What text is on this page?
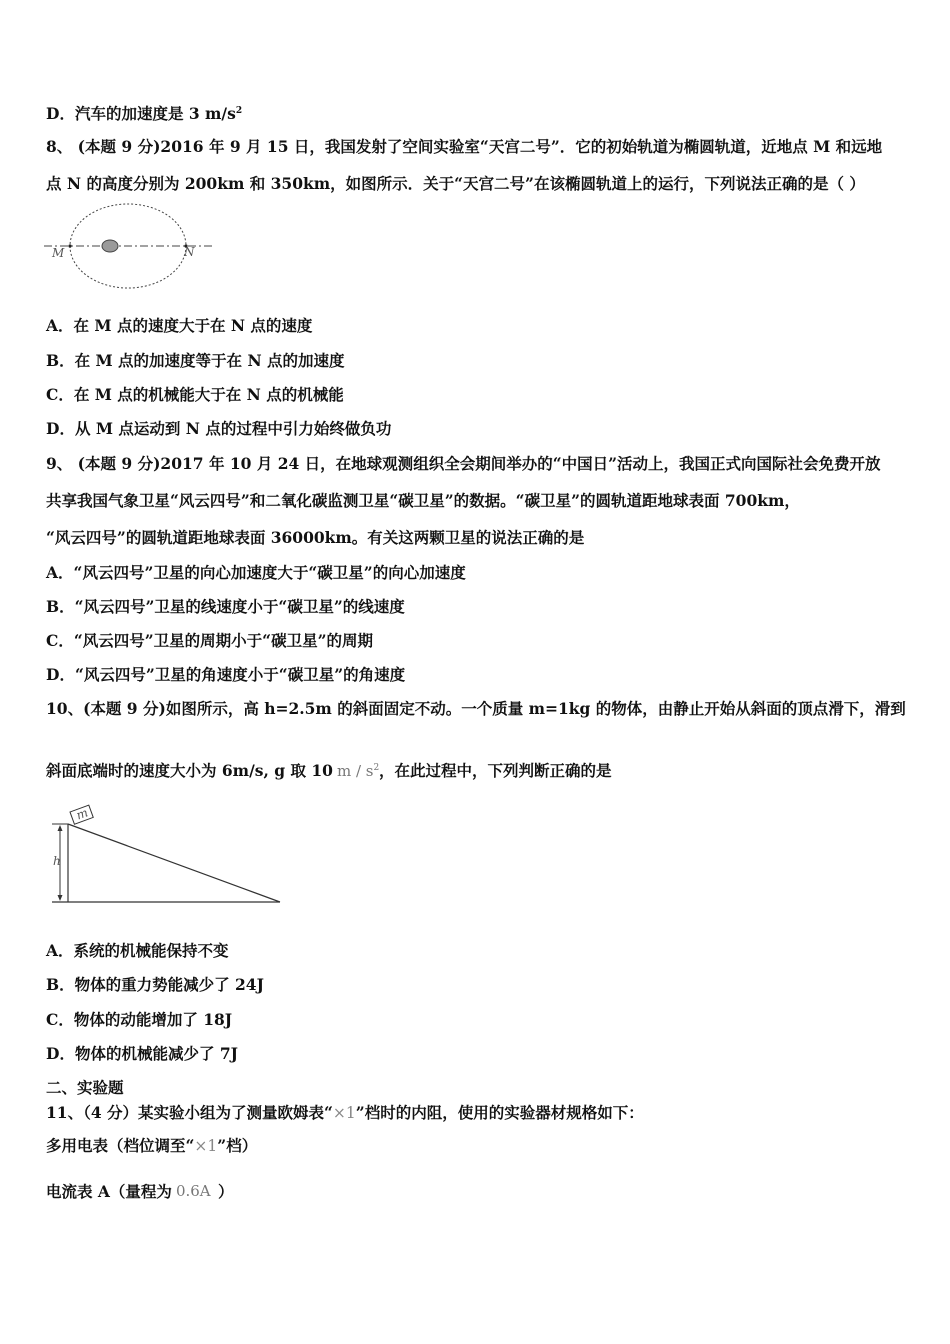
D．汽车的加速度是 3 $m/s^2$
8、 (本题 9 分)2016 年 9 月 15 日，我国发射了空间实验室“天宫二号”．它的初始轨道为椭圆轨道，近地点 M 和远地
点 N 的高度分别为 200km 和 350km，如图所示．关于“天宫二号”在该椭圆轨道上的运行，下列说法正确的是（ ）
M	N
A．在 M 点的速度大于在 N 点的速度
B．在 M 点的加速度等于在 N 点的加速度
C．在 M 点的机械能大于在 N 点的机械能
D．从 M 点运动到 N 点的过程中引力始终做负功
9、 (本题 9 分)2017 年 10 月 24 日，在地球观测组织全会期间举办的“中国日”活动上，我国正式向国际社会免费开放
共享我国气象卫星“风云四号”和二氧化碳监测卫星“碳卫星”的数据。“碳卫星”的圆轨道距地球表面 700km，
“风云四号”的圆轨道距地球表面 36000km。有关这两颗卫星的说法正确的是
A．“风云四号”卫星的向心加速度大于“碳卫星”的向心加速度
B．“风云四号”卫星的线速度小于“碳卫星”的线速度
C．“风云四号”卫星的周期小于“碳卫星”的周期
D．“风云四号”卫星的角速度小于“碳卫星”的角速度
10、(本题 9 分)如图所示，高 h=2.5m 的斜面固定不动。一个质量 m=1kg 的物体，由静止开始从斜面的顶点滑下，滑到
斜面底端时的速度大小为 6m/s, g 取 10 m / $s^2$ ，在此过程中，下列判断正确的是
m
h
A．系统的机械能保持不变
B．物体的重力势能减少了 24J
C．物体的动能增加了 18J
D．物体的机械能减少了 7J
二、实验题
11、（4 分）某实验小组为了测量欧姆表“×1”档时的内阻，使用的实验器材规格如下：
多用电表（档位调至“×1”档）
电流表 A（量程为 0.6A ）
